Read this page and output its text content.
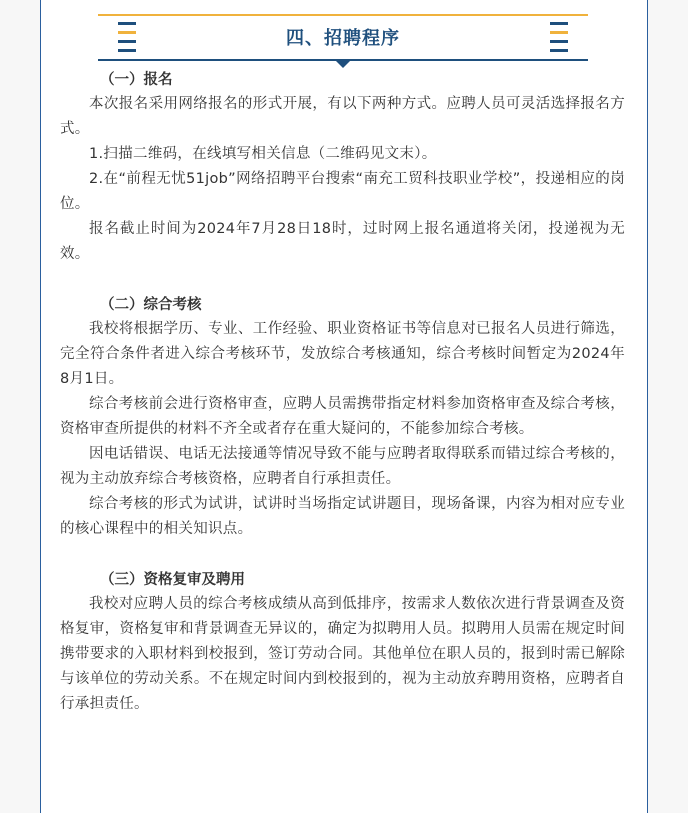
四、招聘程序

（一）报名

本次报名采用网络报名的形式开展，有以下两种方式。应聘人员可灵活选择报名方式。

1.扫描二维码，在线填写相关信息（二维码见文末）。

2.在“前程无忧51job”网络招聘平台搜索“南充工贸科技职业学校”，投递相应的岗位。

报名截止时间为2024年7月28日18时，过时网上报名通道将关闭，投递视为无效。

（二）综合考核

我校将根据学历、专业、工作经验、职业资格证书等信息对已报名人员进行筛选，完全符合条件者进入综合考核环节，发放综合考核通知，综合考核时间暂定为2024年8月1日。

综合考核前会进行资格审查，应聘人员需携带指定材料参加资格审查及综合考核，资格审查所提供的材料不齐全或者存在重大疑问的，不能参加综合考核。

因电话错误、电话无法接通等情况导致不能与应聘者取得联系而错过综合考核的，视为主动放弃综合考核资格，应聘者自行承担责任。

综合考核的形式为试讲，试讲时当场指定试讲题目，现场备课，内容为相对应专业的核心课程中的相关知识点。

（三）资格复审及聘用

我校对应聘人员的综合考核成绩从高到低排序，按需求人数依次进行背景调查及资格复审，资格复审和背景调查无异议的，确定为拟聘用人员。拟聘用人员需在规定时间携带要求的入职材料到校报到，签订劳动合同。其他单位在职人员的，报到时需已解除与该单位的劳动关系。不在规定时间内到校报到的，视为主动放弃聘用资格，应聘者自行承担责任。
